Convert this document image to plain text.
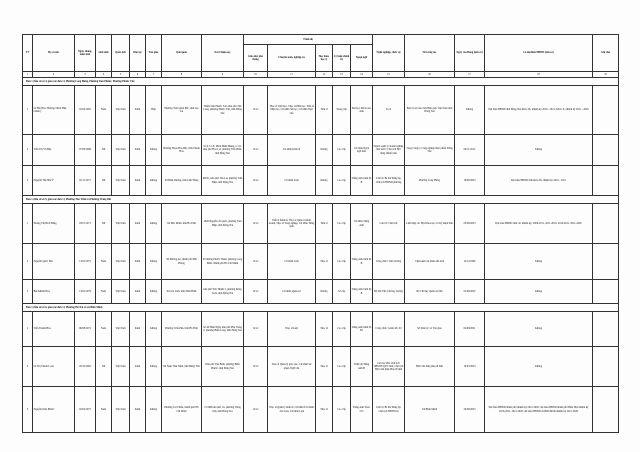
TT	Họ và tên	Ngày, tháng, năm sinh	Giới tính	Quốc tịch	Dân tộc	Tôn giáo	Quê quán	Nơi ở hiện nay	Trình độ					Nghề nghiệp, chức vụ	Nơi công tác	Ngày vào Đảng (nếu có)	Là đại biểu HĐND (nếu có)	Ghi chú
									Giáo dục phổ thông	Chuyên môn, nghiệp vụ	Học hàm, học vị	Lý luận chính trị	Ngoại ngữ					
1	2	3	4	5	6	7	8	9	10	11	12	13	14	15	16	17	18	19
Đơn vị bầu cử số 4, gồm các đơn vị: Phường Long Hưng, Phường Tam Phước, Phường Phước Tân																		
1	Lê Hà (Hòa Thượng Thích Huệ Chiếu)	16/04/1965	Nam	Việt Nam	Kinh	Phật	Phường Tam Quan Bắc, tỉnh Gia Lai	Thiền viện Phước Sơn, khu phố Tân Cang, phường Phước Tân, tỉnh Đồng Nai	12/12	Thạc sĩ Triết học, Thạc sĩ Phật học, Tiến sĩ Phật học, Cử nhân Sư học, Cử nhân Ngữ văn	Tiến sĩ	Trung cấp	Đại học Đài Loan, Anh	Tu sĩ	Ban trị sự Giáo hội Phật giáo Việt Nam tỉnh Đồng Nai	Không	Đại biểu HĐND tỉnh Đồng Nai Khóa IX, nhiệm kỳ 2016 - 2021; Khóa X, nhiệm kỳ 2021 - 2026	
2	Trần Thị Vũ Hậu	07/06/1986	Nữ	Việt Nam	Kinh	Không	Phường Hoan Hóa Bắc, tỉnh Thanh Hóa	Số 9, Lô E, Phan Đình Phùng, tổ 16, khu phố Hòa Lợi, phường Trấn Biên, tỉnh Đồng Nai	12/12	Cử nhân Kinh tế	Không	Cao cấp	Cử nhân Ngôn ngữ Anh	Người quản lý doanh nghiệp nhà nước/ Chủ tịch Hội đồng thành viên	Tổng Công ty Công nghiệp thực phẩm Đồng Nai	06/11/2012	Không	
3	Nguyễn Thị Như Ý	02/11/1971	Nữ	Việt Nam	Kinh	Không	Xã Bình Dương, tỉnh Lâm Đồng	K8/81, khu phố Tân Lại, phường Trấn Biên, tỉnh Đồng Nai	12/12	Cử nhân Luật	Không	Cao cấp	Tiếng Anh trình độ B	Cán bộ/ Bí thư Đảng ủy, Chủ tịch HĐND phường	Phường Long Hưng	18/06/2003	Đại biểu HĐND tỉnh khóa IX, nhiệm kỳ 2016 - 2021	
Đơn vị bầu cử số 5, gồm các đơn vị: Phường Tân Triều và Phường Trảng Dài																		
1	Hoàng Thị Bích Hằng	03/01/1971	Nữ	Việt Nam	Kinh	Không	Xã Đức Minh, tỉnh Hà Tĩnh	1828 Nguyễn Ái Quốc, phường Tam Hiệp, tỉnh Đồng Nai	12/12	Tiến sĩ Kinh tế, Thạc sĩ Quản trị kinh doanh, Thạc sĩ Tổng nghiệp, Cử nhân Tiếng Anh	Tiến sĩ	Cao cấp	Cử nhân Tiếng Anh	Cán bộ/ Chủ tịch	Liên hiệp các Hội Khoa học và Kỹ thuật tỉnh	03/06/2003	Đại biểu HĐND tỉnh các nhiệm kỳ: 2008-2011, 2011-2016, 2016-2021, 2021-2026	
2	Nguyễn Quốc Hào	13/05/1975	Nam	Việt Nam	Kinh	Không	Xã Đường An, thành phố Hải Phòng	48 đường Phước Thiện, phường Long Bình, thành phố Hồ Chí Minh	12/12	Cử nhân Luật	Thạc sĩ	Cao cấp	Tiếng Anh trình độ B	Công chức/ Viện trưởng	Viện kiểm sát nhân dân tỉnh	14/12/1999	Không	
3	Bùi Khánh Hòa	13/02/1979	Nam	Việt Nam	Kinh	Không	Xã Gia Lâm, tỉnh Ninh Bình	khu phố Yên Thành 2, phường Đông Xoài, tỉnh Đồng Nai	12/12	Cử nhân Quân sự	Không	Sơ cấp	Tiếng Anh trình độ B	Bộ đội/ Phó Chỉ huy trưởng	Bộ Chỉ huy Quân sự tỉnh	02/09/2002	Không	
Đơn vị bầu cử số 6, gồm các đơn vị: Phường Hố Nai và xã Bình Minh																		
1	Trần Thanh Hóa	06/08/1972	Nam	Việt Nam	Kinh	Không	Phường Trấn Phú, tỉnh Hà Tĩnh	Số 46 Hàm Nghi, khu phố Phú Trung 2, phường Bình Long, tỉnh Đồng Nai	12/12	Thạc sĩ Luật	Thạc sĩ	Cao cấp	Tiếng Anh trình độ B1	Công chức/ Giám đốc Sở	Sở Dân tộc và Tôn giáo	04/08/2001	Không	
2	Lê Thị Thanh Loan	20/10/1982	Nữ	Việt Nam	Kinh	Không	Xã Nam Thái Ninh, tỉnh Hưng Yên	Khu phố Tân Bình, phường Bình Phước, tỉnh Đồng Nai	12/12	Thạc sĩ Quản lý giáo dục, Cử nhân Sư phạm Ngữ văn	Thạc sĩ	Cao cấp	Trình độ Tiếng Anh B	Cán bộ/ Phó Chủ tịch UBMTTQVN tỉnh; Chủ tịch Hội Liên hiệp Phụ nữ tỉnh	Hội Liên hiệp phụ nữ tỉnh	19/05/2003	Không	
3	Nguyễn Kim Phước	02/04/1975	Nam	Việt Nam	Kinh	Không	Phường Lái Thiêu, thành phố Hồ Chí Minh	15/26B khu phố 1A, phường Trảng Dài, tỉnh Đồng Nai	12/12	Thạc sĩ Quản lý kinh tế, Cử nhân Tài chính - Kế toán, Cử nhân Luật	Thạc sĩ	Cao cấp	Tiếng Anh Toeic 515	Cán bộ/ Bí thư Đảng ủy, Chủ tịch HĐND xã	Xã Bình Minh	20/09/2003	Đại biểu HĐND thành phố nhiệm kỳ 2021-2026; đại biểu HĐND thành phố Biên Hòa nhiệm kỳ 2016-2021, 2021-2026; đại biểu HĐND xã Bình Minh nhiệm kỳ 2021-2026	
